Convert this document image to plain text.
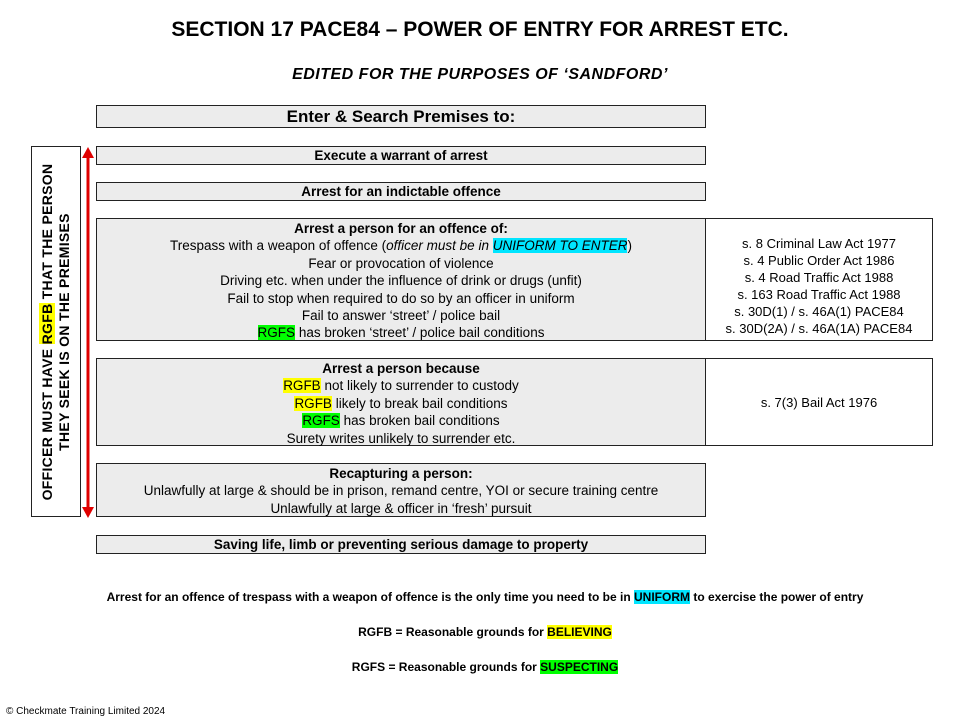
SECTION 17 PACE84 – POWER OF ENTRY FOR ARREST ETC.
EDITED FOR THE PURPOSES OF ‘SANDFORD’
OFFICER MUST HAVE RGFB THAT THE PERSON THEY SEEK IS ON THE PREMISES
Enter & Search Premises to:
Execute a warrant of arrest
Arrest for an indictable offence
Arrest a person for an offence of:
Trespass with a weapon of offence (officer must be in UNIFORM TO ENTER)
Fear or provocation of violence
Driving etc. when under the influence of drink or drugs (unfit)
Fail to stop when required to do so by an officer in uniform
Fail to answer ‘street’ / police bail
RGFS has broken ‘street’ / police bail conditions
s. 8 Criminal Law Act 1977
s. 4 Public Order Act 1986
s. 4 Road Traffic Act 1988
s. 163 Road Traffic Act 1988
s. 30D(1) / s. 46A(1) PACE84
s. 30D(2A) / s. 46A(1A) PACE84
Arrest a person because
RGFB not likely to surrender to custody
RGFB likely to break bail conditions
RGFS has broken bail conditions
Surety writes unlikely to surrender etc.
s. 7(3) Bail Act 1976
Recapturing a person:
Unlawfully at large & should be in prison, remand centre, YOI or secure training centre
Unlawfully at large & officer in ‘fresh’ pursuit
Saving life, limb or preventing serious damage to property
Arrest for an offence of trespass with a weapon of offence is the only time you need to be in UNIFORM to exercise the power of entry
RGFB = Reasonable grounds for BELIEVING
RGFS = Reasonable grounds for SUSPECTING
© Checkmate Training Limited 2024
